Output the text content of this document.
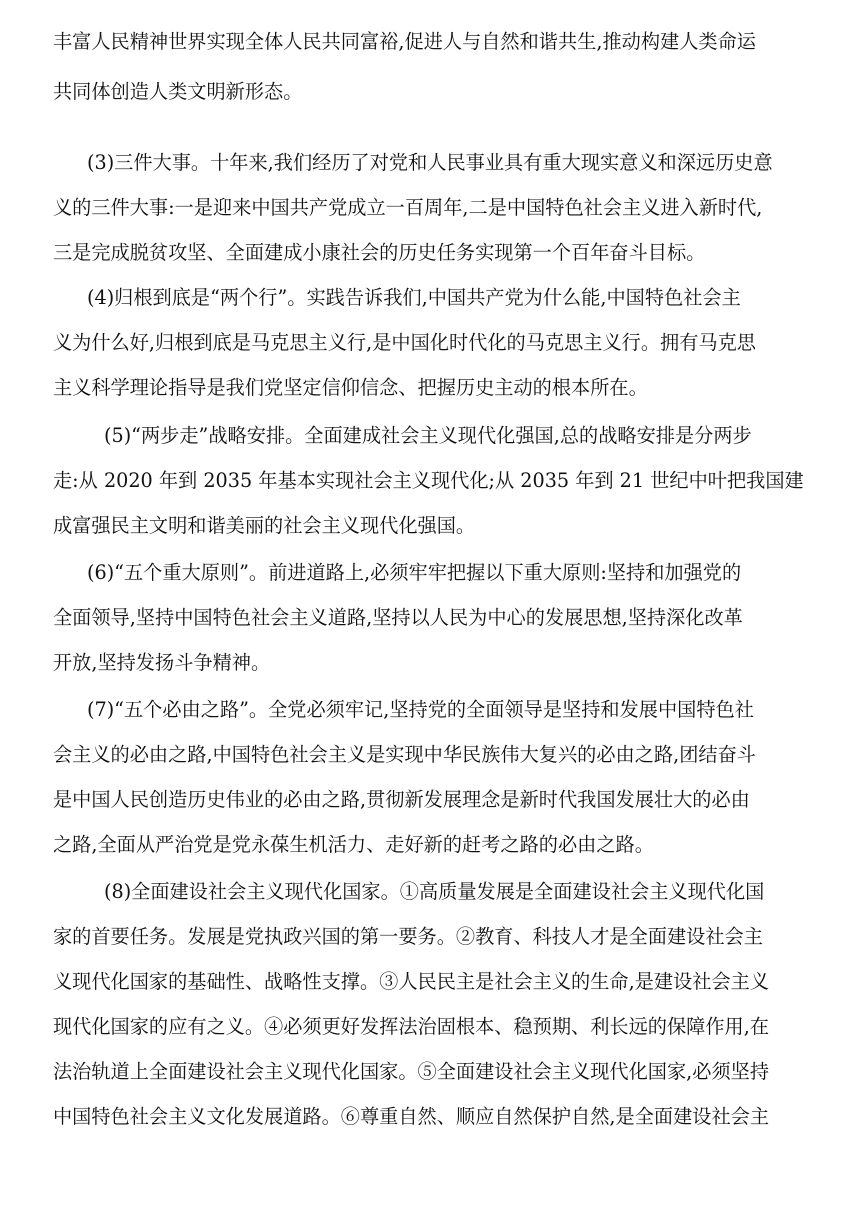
丰富人民精神世界实现全体人民共同富裕,促进人与自然和谐共生,推动构建人类命运
共同体创造人类文明新形态。
(3)三件大事。十年来,我们经历了对党和人民事业具有重大现实意义和深远历史意
义的三件大事:一是迎来中国共产党成立一百周年,二是中国特色社会主义进入新时代,
三是完成脱贫攻坚、全面建成小康社会的历史任务实现第一个百年奋斗目标。
(4)归根到底是“两个行”。实践告诉我们,中国共产党为什么能,中国特色社会主
义为什么好,归根到底是马克思主义行,是中国化时代化的马克思主义行。拥有马克思
主义科学理论指导是我们党坚定信仰信念、把握历史主动的根本所在。
(5)“两步走”战略安排。全面建成社会主义现代化强国,总的战略安排是分两步
走:从 2020 年到 2035 年基本实现社会主义现代化;从 2035 年到 21 世纪中叶把我国建
成富强民主文明和谐美丽的社会主义现代化强国。
(6)“五个重大原则”。前进道路上,必须牢牢把握以下重大原则:坚持和加强党的
全面领导,坚持中国特色社会主义道路,坚持以人民为中心的发展思想,坚持深化改革
开放,坚持发扬斗争精神。
(7)“五个必由之路”。全党必须牢记,坚持党的全面领导是坚持和发展中国特色社
会主义的必由之路,中国特色社会主义是实现中华民族伟大复兴的必由之路,团结奋斗
是中国人民创造历史伟业的必由之路,贯彻新发展理念是新时代我国发展壮大的必由
之路,全面从严治党是党永葆生机活力、走好新的赶考之路的必由之路。
(8)全面建设社会主义现代化国家。①高质量发展是全面建设社会主义现代化国
家的首要任务。发展是党执政兴国的第一要务。②教育、科技人才是全面建设社会主
义现代化国家的基础性、战略性支撑。③人民民主是社会主义的生命,是建设社会主义
现代化国家的应有之义。④必须更好发挥法治固根本、稳预期、利长远的保障作用,在
法治轨道上全面建设社会主义现代化国家。⑤全面建设社会主义现代化国家,必须坚持
中国特色社会主义文化发展道路。⑥尊重自然、顺应自然保护自然,是全面建设社会主
